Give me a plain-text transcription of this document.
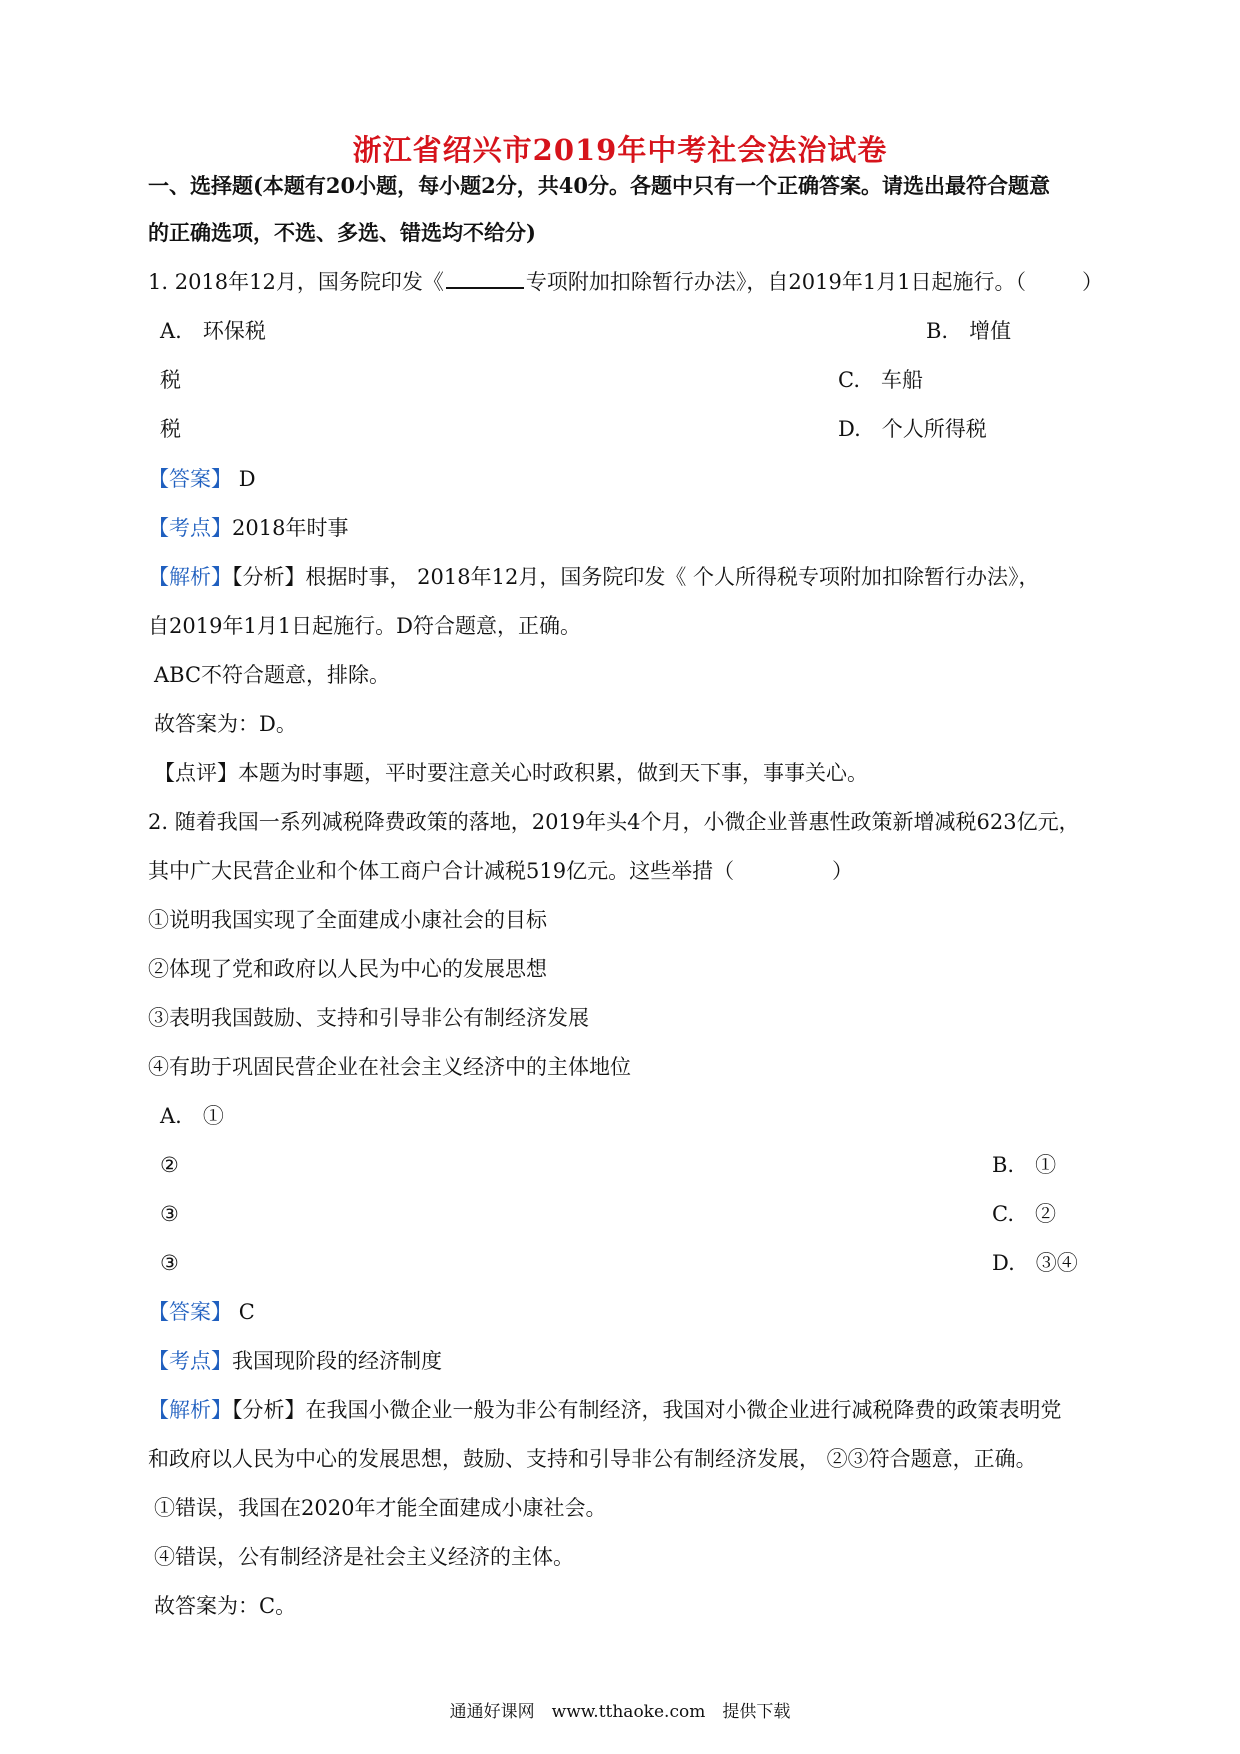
浙江省绍兴市2019年中考社会法治试卷
一、选择题(本题有20小题，每小题2分，共40分。各题中只有一个正确答案。请选出最符合题意
的正确选项，不选、多选、错选均不给分)
1. 2018年12月，国务院印发《	专项附加扣除暂行办法》，自2019年1月1日起施行。（	）
A.　环保税	B.　增值
税	C.　车船
税	D.　个人所得税
【答案】 D
【考点】2018年时事
【解析】【分析】根据时事， 2018年12月，国务院印发《 个人所得税专项附加扣除暂行办法》，
自2019年1月1日起施行。D符合题意，正确。
ABC不符合题意，排除。
故答案为：D。
【点评】本题为时事题，平时要注意关心时政积累，做到天下事，事事关心。
2. 随着我国一系列减税降费政策的落地，2019年头4个月，小微企业普惠性政策新增减税623亿元，
其中广大民营企业和个体工商户合计减税519亿元。这些举措（	）
①说明我国实现了全面建成小康社会的目标
②体现了党和政府以人民为中心的发展思想
③表明我国鼓励、支持和引导非公有制经济发展
④有助于巩固民营企业在社会主义经济中的主体地位
A.　①
②	B.　①
③	C.　②
③	D.　③④
【答案】 C
【考点】我国现阶段的经济制度
【解析】【分析】在我国小微企业一般为非公有制经济，我国对小微企业进行减税降费的政策表明党
和政府以人民为中心的发展思想，鼓励、支持和引导非公有制经济发展， ②③符合题意，正确。
①错误，我国在2020年才能全面建成小康社会。
④错误，公有制经济是社会主义经济的主体。
故答案为：C。
通通好课网　www.tthaoke.com　提供下载
